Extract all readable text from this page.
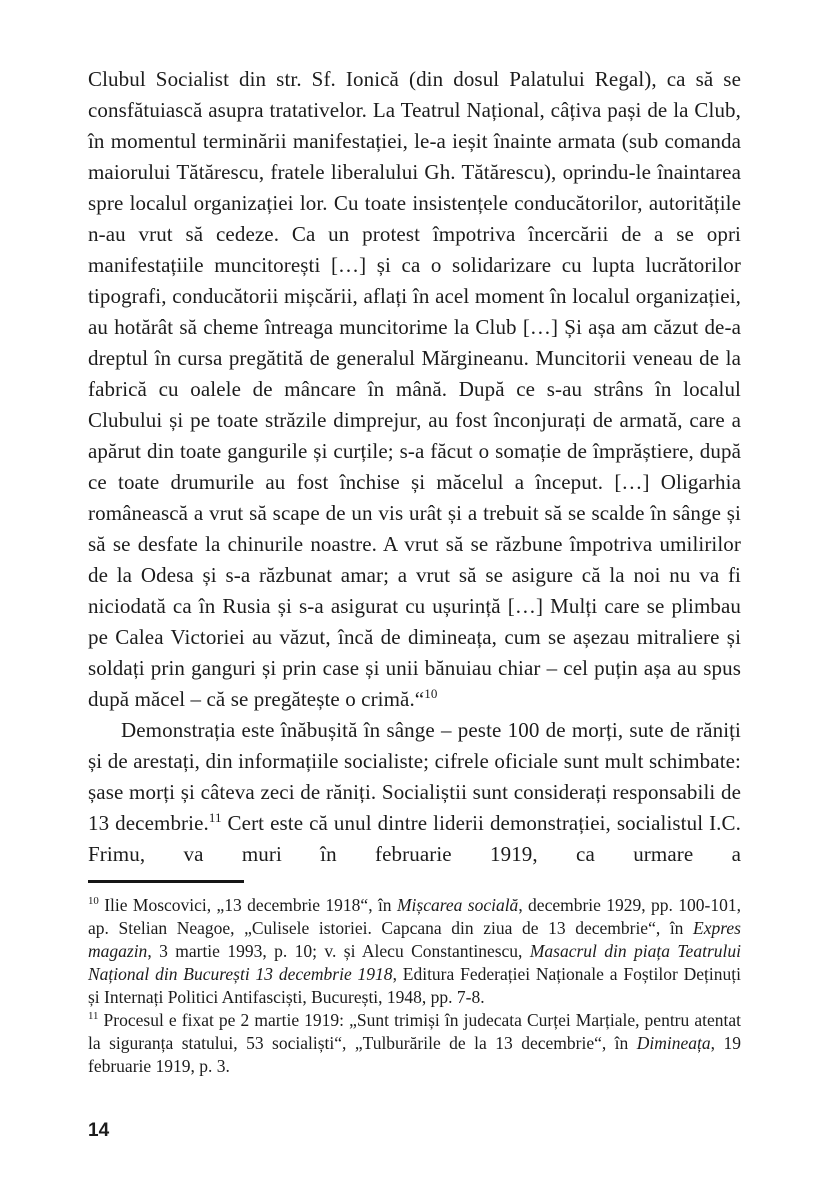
Clubul Socialist din str. Sf. Ionică (din dosul Palatului Regal), ca să se consfătuiască asupra tratativelor. La Teatrul Național, câțiva pași de la Club, în momentul terminării manifestației, le-a ieșit înainte armata (sub comanda maiorului Tătărescu, fratele liberalului Gh. Tătărescu), oprindu-le înaintarea spre localul organizației lor. Cu toate insistențele conducătorilor, autoritățile n-au vrut să cedeze. Ca un protest împotriva încercării de a se opri manifestațiile muncitorești […] și ca o solidarizare cu lupta lucrătorilor tipografi, conducătorii mișcării, aflați în acel moment în localul organizației, au hotărât să cheme întreaga muncitorime la Club […] Și așa am căzut de-a dreptul în cursa pregătită de generalul Mărgineanu. Muncitorii veneau de la fabrică cu oalele de mâncare în mână. După ce s-au strâns în localul Clubului și pe toate străzile dimprejur, au fost înconjurați de armată, care a apărut din toate gangurile și curțile; s-a făcut o somație de împrăștiere, după ce toate drumurile au fost închise și măcelul a început. […] Oligarhia românească a vrut să scape de un vis urât și a trebuit să se scalde în sânge și să se desfate la chinurile noastre. A vrut să se răzbune împotriva umilirilor de la Odesa și s-a răzbunat amar; a vrut să se asigure că la noi nu va fi niciodată ca în Rusia și s-a asigurat cu ușurință […] Mulți care se plimbau pe Calea Victoriei au văzut, încă de dimineața, cum se așezau mitraliere și soldați prin ganguri și prin case și unii bănuiau chiar – cel puțin așa au spus după măcel – că se pregătește o crimă.“$^{10}$

Demonstrația este înăbușită în sânge – peste 100 de morți, sute de răniți și de arestați, din informațiile socialiste; cifrele oficiale sunt mult schimbate: șase morți și câteva zeci de răniți. Socialiștii sunt considerați responsabili de 13 decembrie.$^{11}$ Cert este că unul dintre liderii demonstrației, socialistul I.C. Frimu, va muri în februarie 1919, ca urmare a

$^{10}$ Ilie Moscovici, „13 decembrie 1918“, în Mișcarea socială, decembrie 1929, pp. 100-101, ap. Stelian Neagoe, „Culisele istoriei. Capcana din ziua de 13 decembrie“, în Expres magazin, 3 martie 1993, p. 10; v. și Alecu Constantinescu, Masacrul din piața Teatrului Național din București 13 decembrie 1918, Editura Federației Naționale a Foștilor Deținuți și Internați Politici Antifasciști, București, 1948, pp. 7-8.

$^{11}$ Procesul e fixat pe 2 martie 1919: „Sunt trimiși în judecata Curței Marțiale, pentru atentat la siguranța statului, 53 socialiști“, „Tulburările de la 13 decembrie“, în Dimineața, 19 februarie 1919, p. 3.

14
